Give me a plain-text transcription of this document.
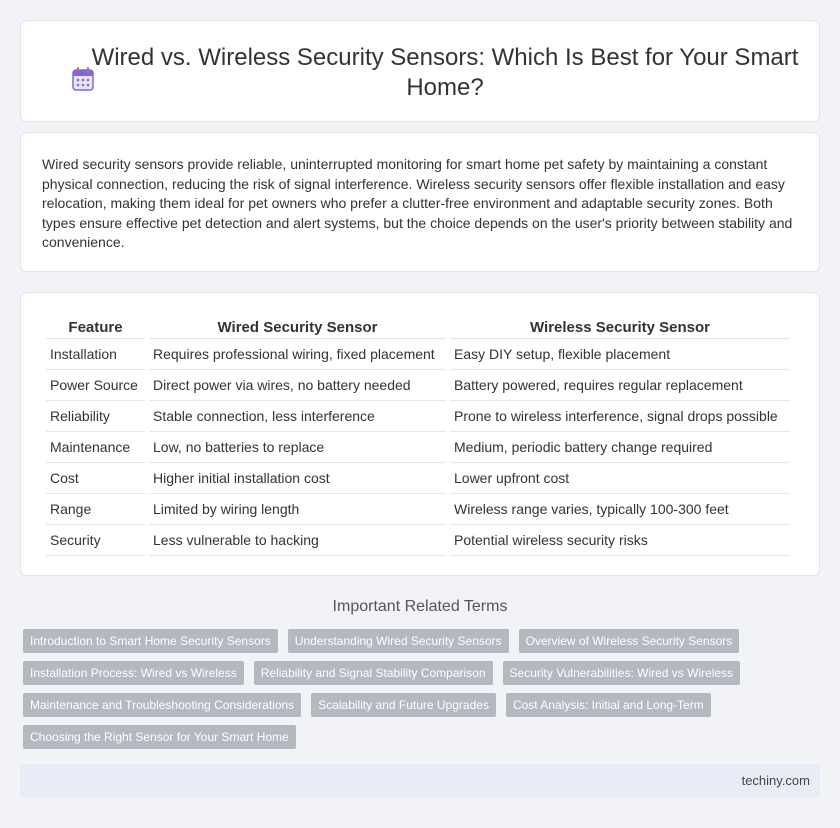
Wired vs. Wireless Security Sensors: Which Is Best for Your Smart Home?

Wired security sensors provide reliable, uninterrupted monitoring for smart home pet safety by maintaining a constant physical connection, reducing the risk of signal interference. Wireless security sensors offer flexible installation and easy relocation, making them ideal for pet owners who prefer a clutter-free environment and adaptable security zones. Both types ensure effective pet detection and alert systems, but the choice depends on the user's priority between stability and convenience.

Feature	Wired Security Sensor	Wireless Security Sensor
Installation	Requires professional wiring, fixed placement	Easy DIY setup, flexible placement
Power Source	Direct power via wires, no battery needed	Battery powered, requires regular replacement
Reliability	Stable connection, less interference	Prone to wireless interference, signal drops possible
Maintenance	Low, no batteries to replace	Medium, periodic battery change required
Cost	Higher initial installation cost	Lower upfront cost
Range	Limited by wiring length	Wireless range varies, typically 100-300 feet
Security	Less vulnerable to hacking	Potential wireless security risks
Important Related Terms
Introduction to Smart Home Security Sensors	Understanding Wired Security Sensors	Overview of Wireless Security Sensors
Installation Process: Wired vs Wireless	Reliability and Signal Stability Comparison	Security Vulnerabilities: Wired vs Wireless
Maintenance and Troubleshooting Considerations	Scalability and Future Upgrades	Cost Analysis: Initial and Long-Term
Choosing the Right Sensor for Your Smart Home
techiny.com
